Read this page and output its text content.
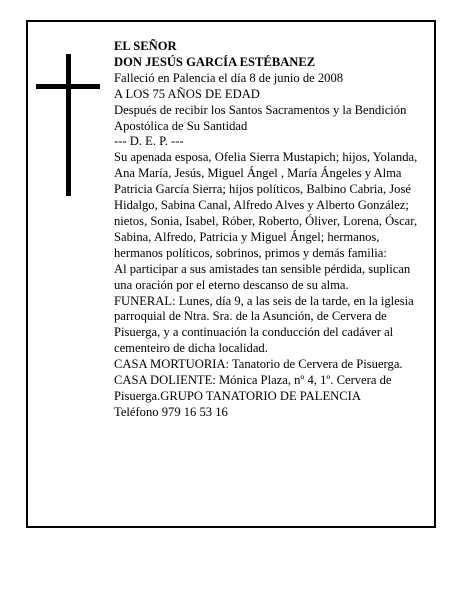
EL SEÑOR

DON JESÚS GARCÍA ESTÉBANEZ

Falleció en Palencia el día 8 de junio de 2008

A LOS 75 AÑOS DE EDAD

Después de recibir los Santos Sacramentos y la Bendición Apostólica de Su Santidad

--- D. E. P. ---

Su apenada esposa, Ofelia Sierra Mustapich; hijos, Yolanda, Ana María, Jesús, Miguel Ángel , María Ángeles y Alma Patricia García Sierra; hijos políticos, Balbino Cabria, José Hidalgo, Sabina Canal, Alfredo Alves y Alberto González; nietos, Sonia, Isabel, Róber, Roberto, Óliver, Lorena, Óscar, Sabina, Alfredo, Patricia y Miguel Ángel; hermanos, hermanos políticos, sobrinos, primos y demás familia:

Al participar a sus amistades tan sensible pérdida, suplican una oración por el eterno descanso de su alma.

FUNERAL: Lunes, día 9, a las seis de la tarde, en la iglesia parroquial de Ntra. Sra. de la Asunción, de Cervera de Pisuerga, y a continuación la conducción del cadáver al cementeiro de dicha localidad.

CASA MORTUORIA: Tanatorio de Cervera de Pisuerga.

CASA DOLIENTE: Mónica Plaza, nº 4, 1º. Cervera de Pisuerga.GRUPO TANATORIO DE PALENCIA

Teléfono 979 16 53 16
